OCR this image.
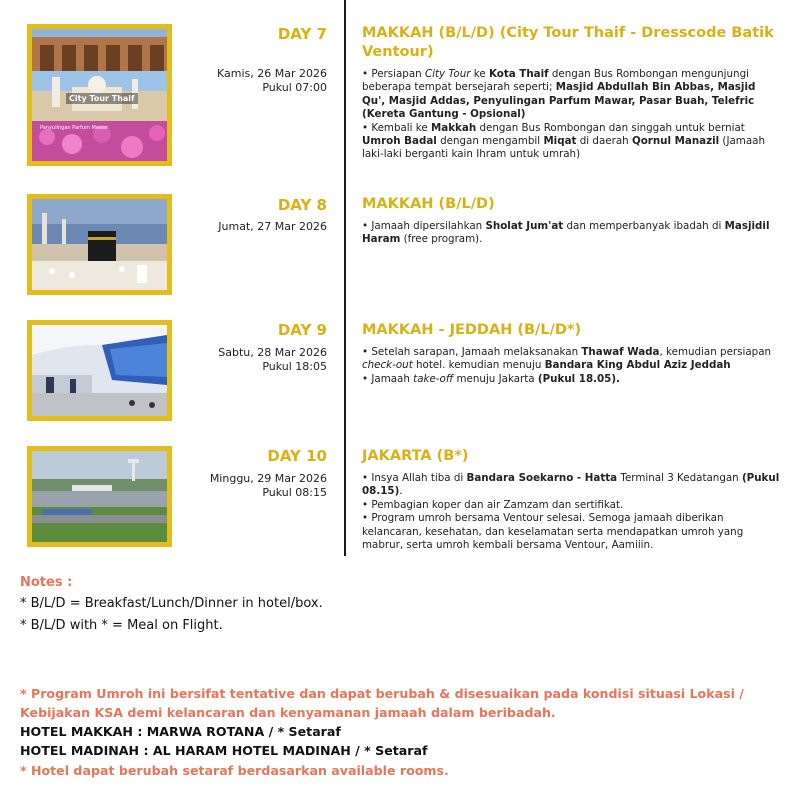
City Tour Thaif
Penyulingan Parfum Mawar
DAY 7
Kamis, 26 Mar 2026
Pukul 07:00
MAKKAH (B/L/D) (City Tour Thaif - Dresscode Batik Ventour)
• Persiapan City Tour ke Kota Thaif dengan Bus Rombongan mengunjungi beberapa tempat bersejarah seperti; Masjid Abdullah Bin Abbas, Masjid Qu', Masjid Addas, Penyulingan Parfum Mawar, Pasar Buah, Telefric (Kereta Gantung - Opsional)
• Kembali ke Makkah dengan Bus Rombongan dan singgah untuk berniat Umroh Badal dengan mengambil Miqat di daerah Qornul Manazil (Jamaah laki-laki berganti kain Ihram untuk umrah)
DAY 8
Jumat, 27 Mar 2026
MAKKAH (B/L/D)
• Jamaah dipersilahkan Sholat Jum'at dan memperbanyak ibadah di Masjidil Haram (free program).
DAY 9
Sabtu, 28 Mar 2026
Pukul 18:05
MAKKAH - JEDDAH (B/L/D*)
• Setelah sarapan, Jamaah melaksanakan Thawaf Wada, kemudian persiapan check-out hotel. kemudian menuju Bandara King Abdul Aziz Jeddah
• Jamaah take-off menuju Jakarta (Pukul 18.05).
DAY 10
Minggu, 29 Mar 2026
Pukul 08:15
JAKARTA (B*)
• Insya Allah tiba di Bandara Soekarno - Hatta Terminal 3 Kedatangan (Pukul 08.15).
• Pembagian koper dan air Zamzam dan sertifikat.
• Program umroh bersama Ventour selesai. Semoga jamaah diberikan kelancaran, kesehatan, dan keselamatan serta mendapatkan umroh yang mabrur, serta umroh kembali bersama Ventour, Aamiiin.
Notes :
* B/L/D = Breakfast/Lunch/Dinner in hotel/box.
* B/L/D with * = Meal on Flight.
* Program Umroh ini bersifat tentative dan dapat berubah & disesuaikan pada kondisi situasi Lokasi / Kebijakan KSA demi kelancaran dan kenyamanan jamaah dalam beribadah.
HOTEL MAKKAH : MARWA ROTANA / * Setaraf
HOTEL MADINAH : AL HARAM HOTEL MADINAH / * Setaraf
* Hotel dapat berubah setaraf berdasarkan available rooms.
